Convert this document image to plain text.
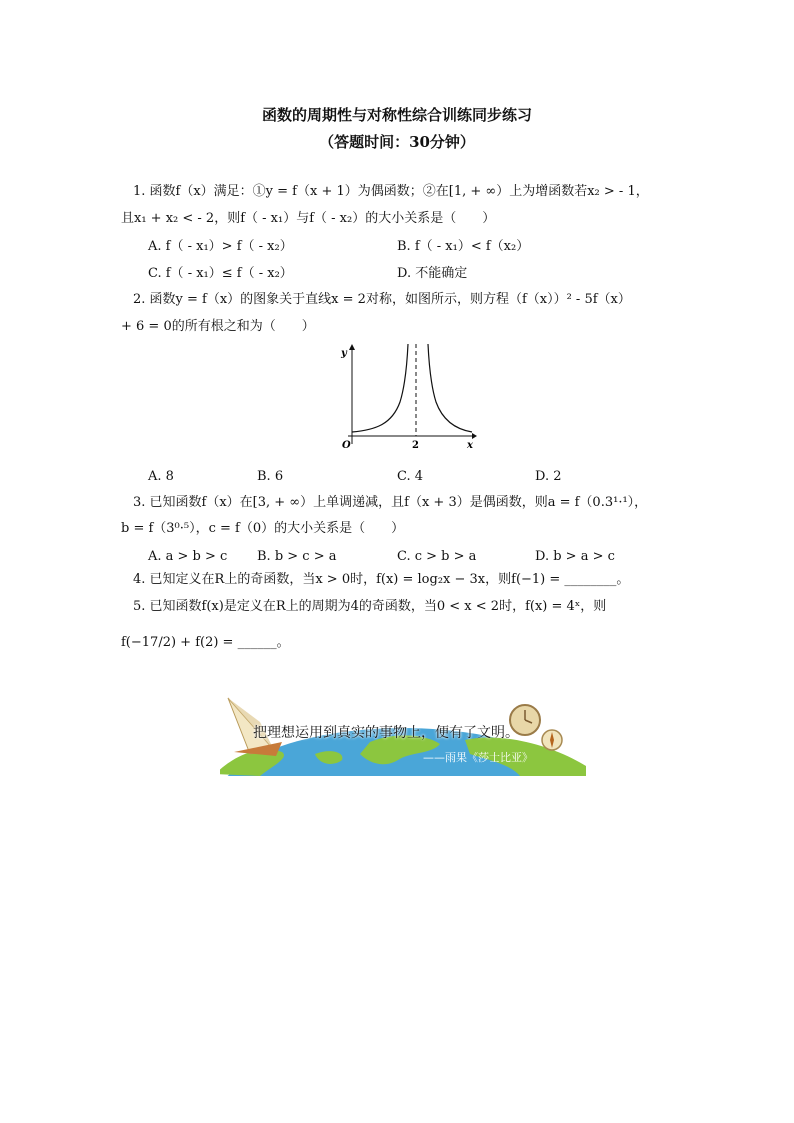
函数的周期性与对称性综合训练同步练习
（答题时间：30分钟）
1. 函数f（x）满足：①y = f（x + 1）为偶函数；②在[1, + ∞）上为增函数若x₂ > - 1，
且x₁ + x₂ < - 2，则f（ - x₁）与f（ - x₂）的大小关系是（　　）
A. f（ - x₁）> f（ - x₂）	B. f（ - x₁）< f（x₂）
C. f（ - x₁）≤ f（ - x₂）	D. 不能确定
2. 函数y = f（x）的图象关于直线x = 2对称，如图所示，则方程（f（x））² - 5f（x）
+ 6 = 0的所有根之和为（　　）
y
x
O	2
A. 8	B. 6	C. 4	D. 2
3. 已知函数f（x）在[3, + ∞）上单调递减，且f（x + 3）是偶函数，则a = f（0.3¹·¹），
b = f（3⁰·⁵），c = f（0）的大小关系是（　　）
A. a > b > c B. b > c > a	C. c > b > a	D. b > a > c
4. 已知定义在R上的奇函数，当x > 0时，f(x) = log₂x − 3x，则f(−1) = ________。
5. 已知函数f(x)是定义在R上的周期为4的奇函数，当0 < x < 2时，f(x) = 4ˣ，则
f(−17/2) + f(2) = ______。
把理想运用到真实的事物上，便有了文明。
——雨果《莎士比亚》
